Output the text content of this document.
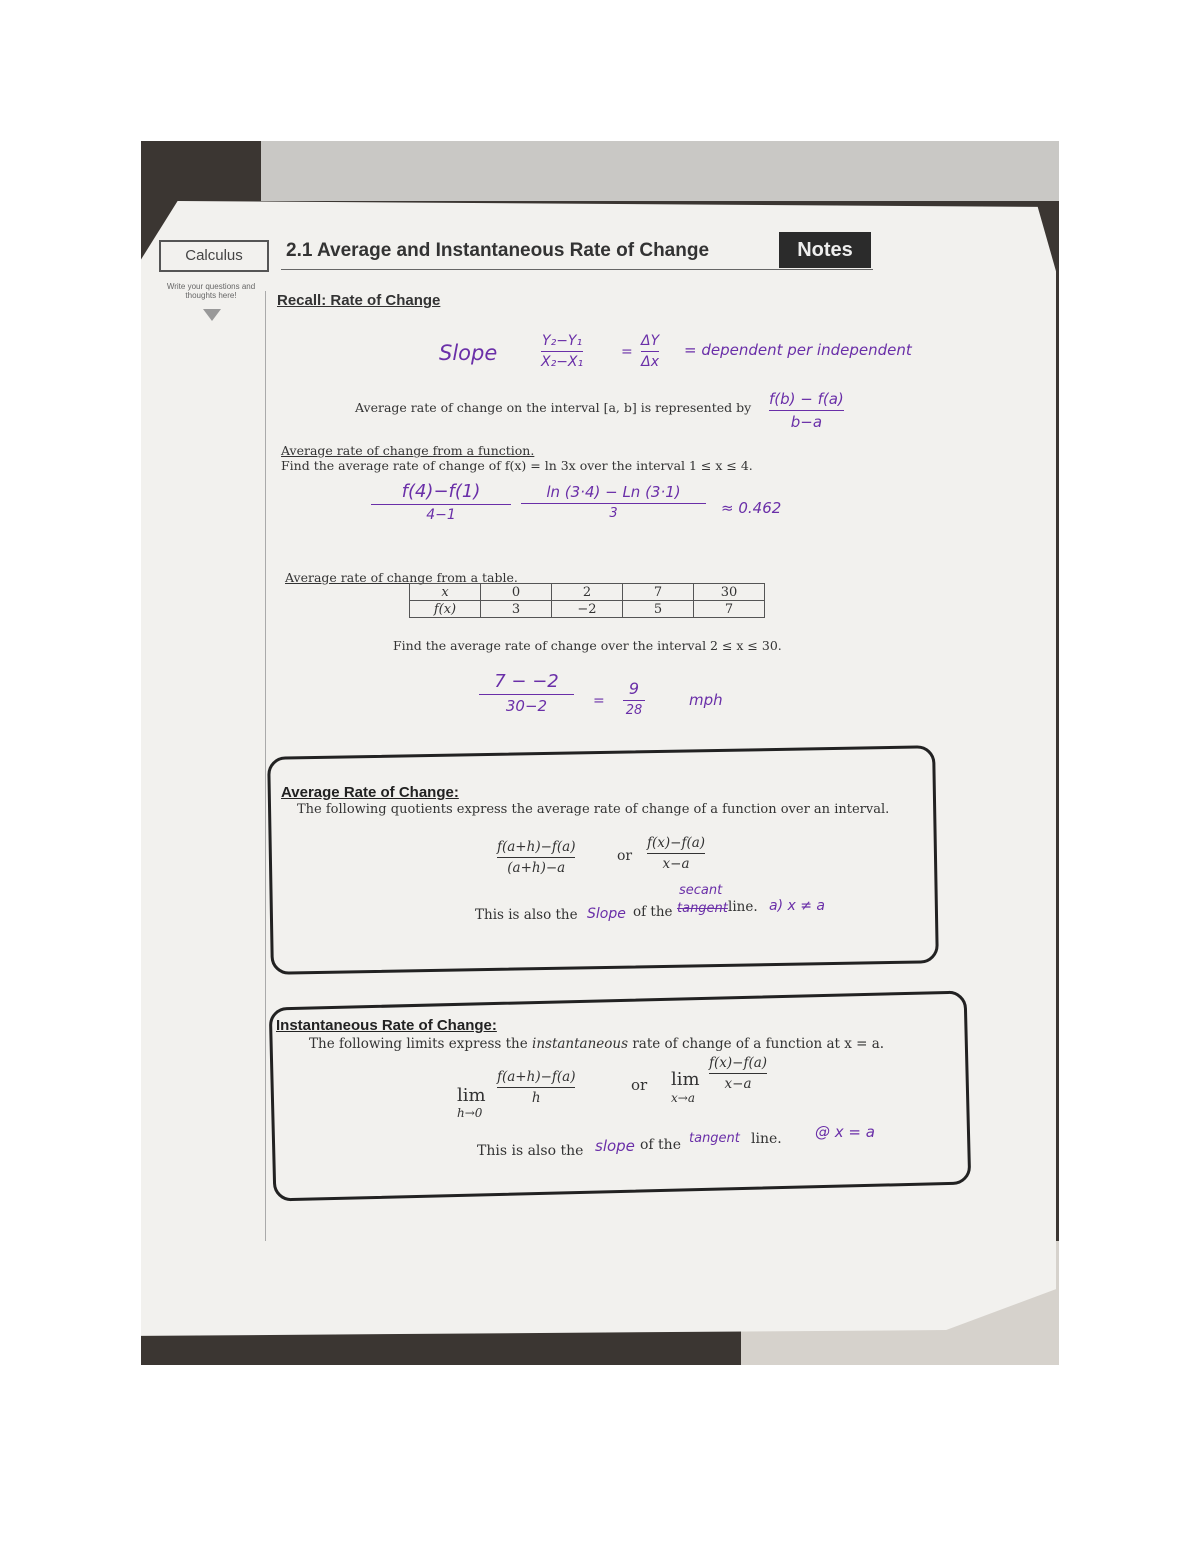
Calculus	2.1 Average and Instantaneous Rate of Change	Notes
Write your questions and thoughts here!	Recall: Rate of Change
Slope	Y₂−Y₁
X₂−X₁
=
ΔY
Δx
= dependent per independent
Average rate of change on the interval [a, b] is represented by f(b) − f(a)
b−a
Average rate of change from a function.
Find the average rate of change of f(x) = ln 3x over the interval 1 ≤ x ≤ 4.
f(4)−f(1)
4−1
ln (3·4) − Ln (3·1)
3	≈ 0.462
Average rate of change from a table.
x	0	2	7	30
f(x)	3	−2	5	7
Find the average rate of change over the interval 2 ≤ x ≤ 30.
7 − −2
30−2	=
9
28
mph
Average Rate of Change:
The following quotients express the average rate of change of a function over an interval.
f(a+h)−f(a)
(a+h)−a
or
f(x)−f(a)
x−a
This is also the Slope of the
secant
tangent line. a) x ≠ a
Instantaneous Rate of Change:
The following limits express the instantaneous rate of change of a function at x = a.
lim
h→0
f(a+h)−f(a)
h
or lim
x→a
f(x)−f(a)
x−a
This is also the slope of the tangent line. @ x = a
